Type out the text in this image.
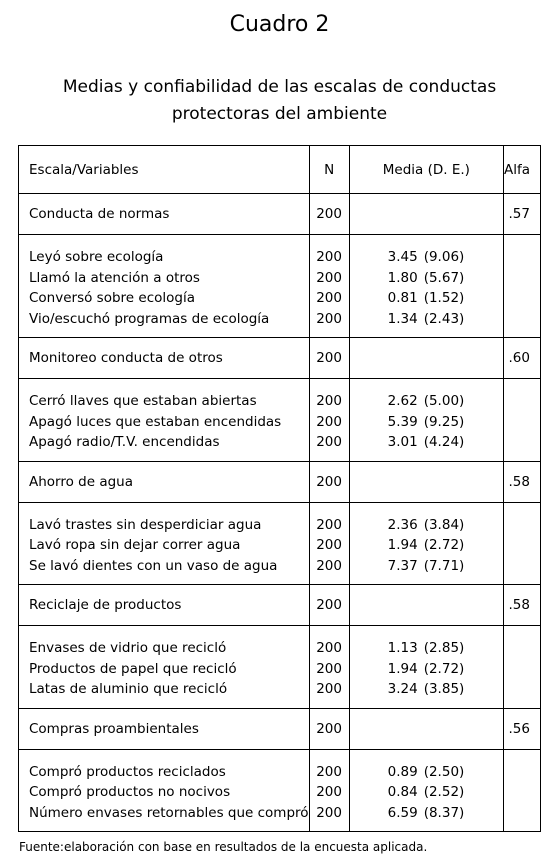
Cuadro 2
Medias y confiabilidad de las escalas de conductas
protectoras del ambiente
Escala/Variables	N	Media (D. E.)	Alfa
Conducta de normas	200		.57
Leyó sobre ecología	200	3.45 (9.06)	
Llamó la atención a otros	200	1.80 (5.67)	
Conversó sobre ecología	200	0.81 (1.52)	
Vio/escuchó programas de ecología	200	1.34 (2.43)	
Monitoreo conducta de otros	200		.60
Cerró llaves que estaban abiertas	200	2.62 (5.00)	
Apagó luces que estaban encendidas	200	5.39 (9.25)	
Apagó radio/T.V. encendidas	200	3.01 (4.24)	
Ahorro de agua	200		.58
Lavó trastes sin desperdiciar agua	200	2.36 (3.84)	
Lavó ropa sin dejar correr agua	200	1.94 (2.72)	
Se lavó dientes con un vaso de agua	200	7.37 (7.71)	
Reciclaje de productos	200		.58
Envases de vidrio que recicló	200	1.13 (2.85)	
Productos de papel que recicló	200	1.94 (2.72)	
Latas de aluminio que recicló	200	3.24 (3.85)	
Compras proambientales	200		.56
Compró productos reciclados	200	0.89 (2.50)	
Compró productos no nocivos	200	0.84 (2.52)	
Número envases retornables que compró	200	6.59 (8.37)	
Fuente:elaboración con base en resultados de la encuesta aplicada.
